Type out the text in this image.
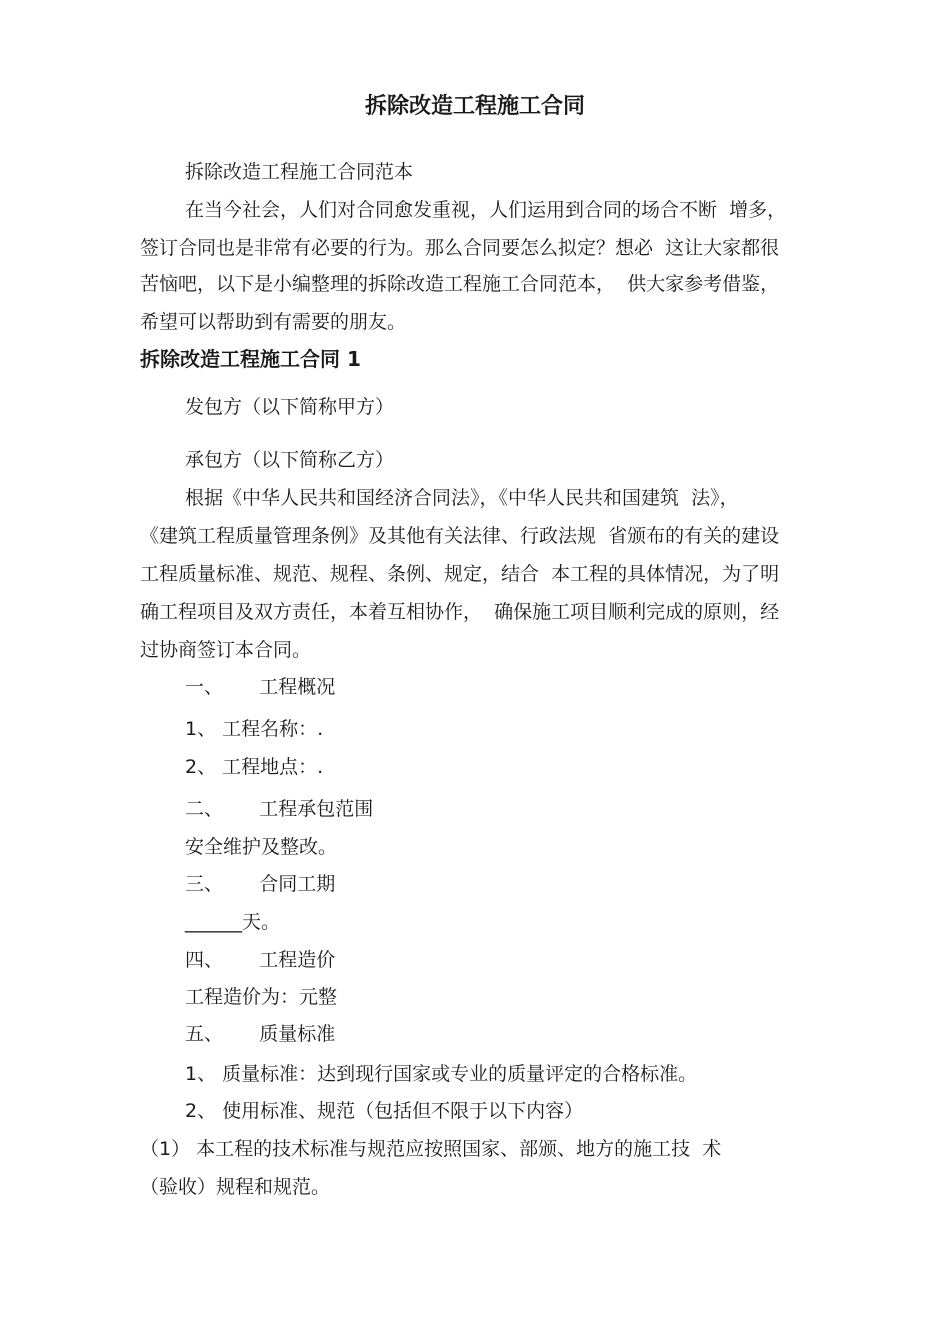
拆除改造工程施工合同
拆除改造工程施工合同范本
在当今社会，人们对合同愈发重视，人们运用到合同的场合不断  增多，
签订合同也是非常有必要的行为。那么合同要怎么拟定？想必  这让大家都很
苦恼吧，以下是小编整理的拆除改造工程施工合同范本，  供大家参考借鉴，
希望可以帮助到有需要的朋友。
拆除改造工程施工合同 1
发包方（以下简称甲方）
承包方（以下简称乙方）
根据《中华人民共和国经济合同法》，《中华人民共和国建筑  法》，
《建筑工程质量管理条例》及其他有关法律、行政法规  省颁布的有关的建设
工程质量标准、规范、规程、条例、规定，结合  本工程的具体情况，为了明
确工程项目及双方责任，本着互相协作，  确保施工项目顺利完成的原则，经
过协商签订本合同。
一、      工程概况
1、 工程名称：.
2、 工程地点：.
二、      工程承包范围
安全维护及整改。
三、      合同工期
______天。
四、      工程造价
工程造价为：元整
五、      质量标准
1、 质量标准：达到现行国家或专业的质量评定的合格标准。
2、 使用标准、规范（包括但不限于以下内容）
（1） 本工程的技术标准与规范应按照国家、部颁、地方的施工技  术
（验收）规程和规范。
